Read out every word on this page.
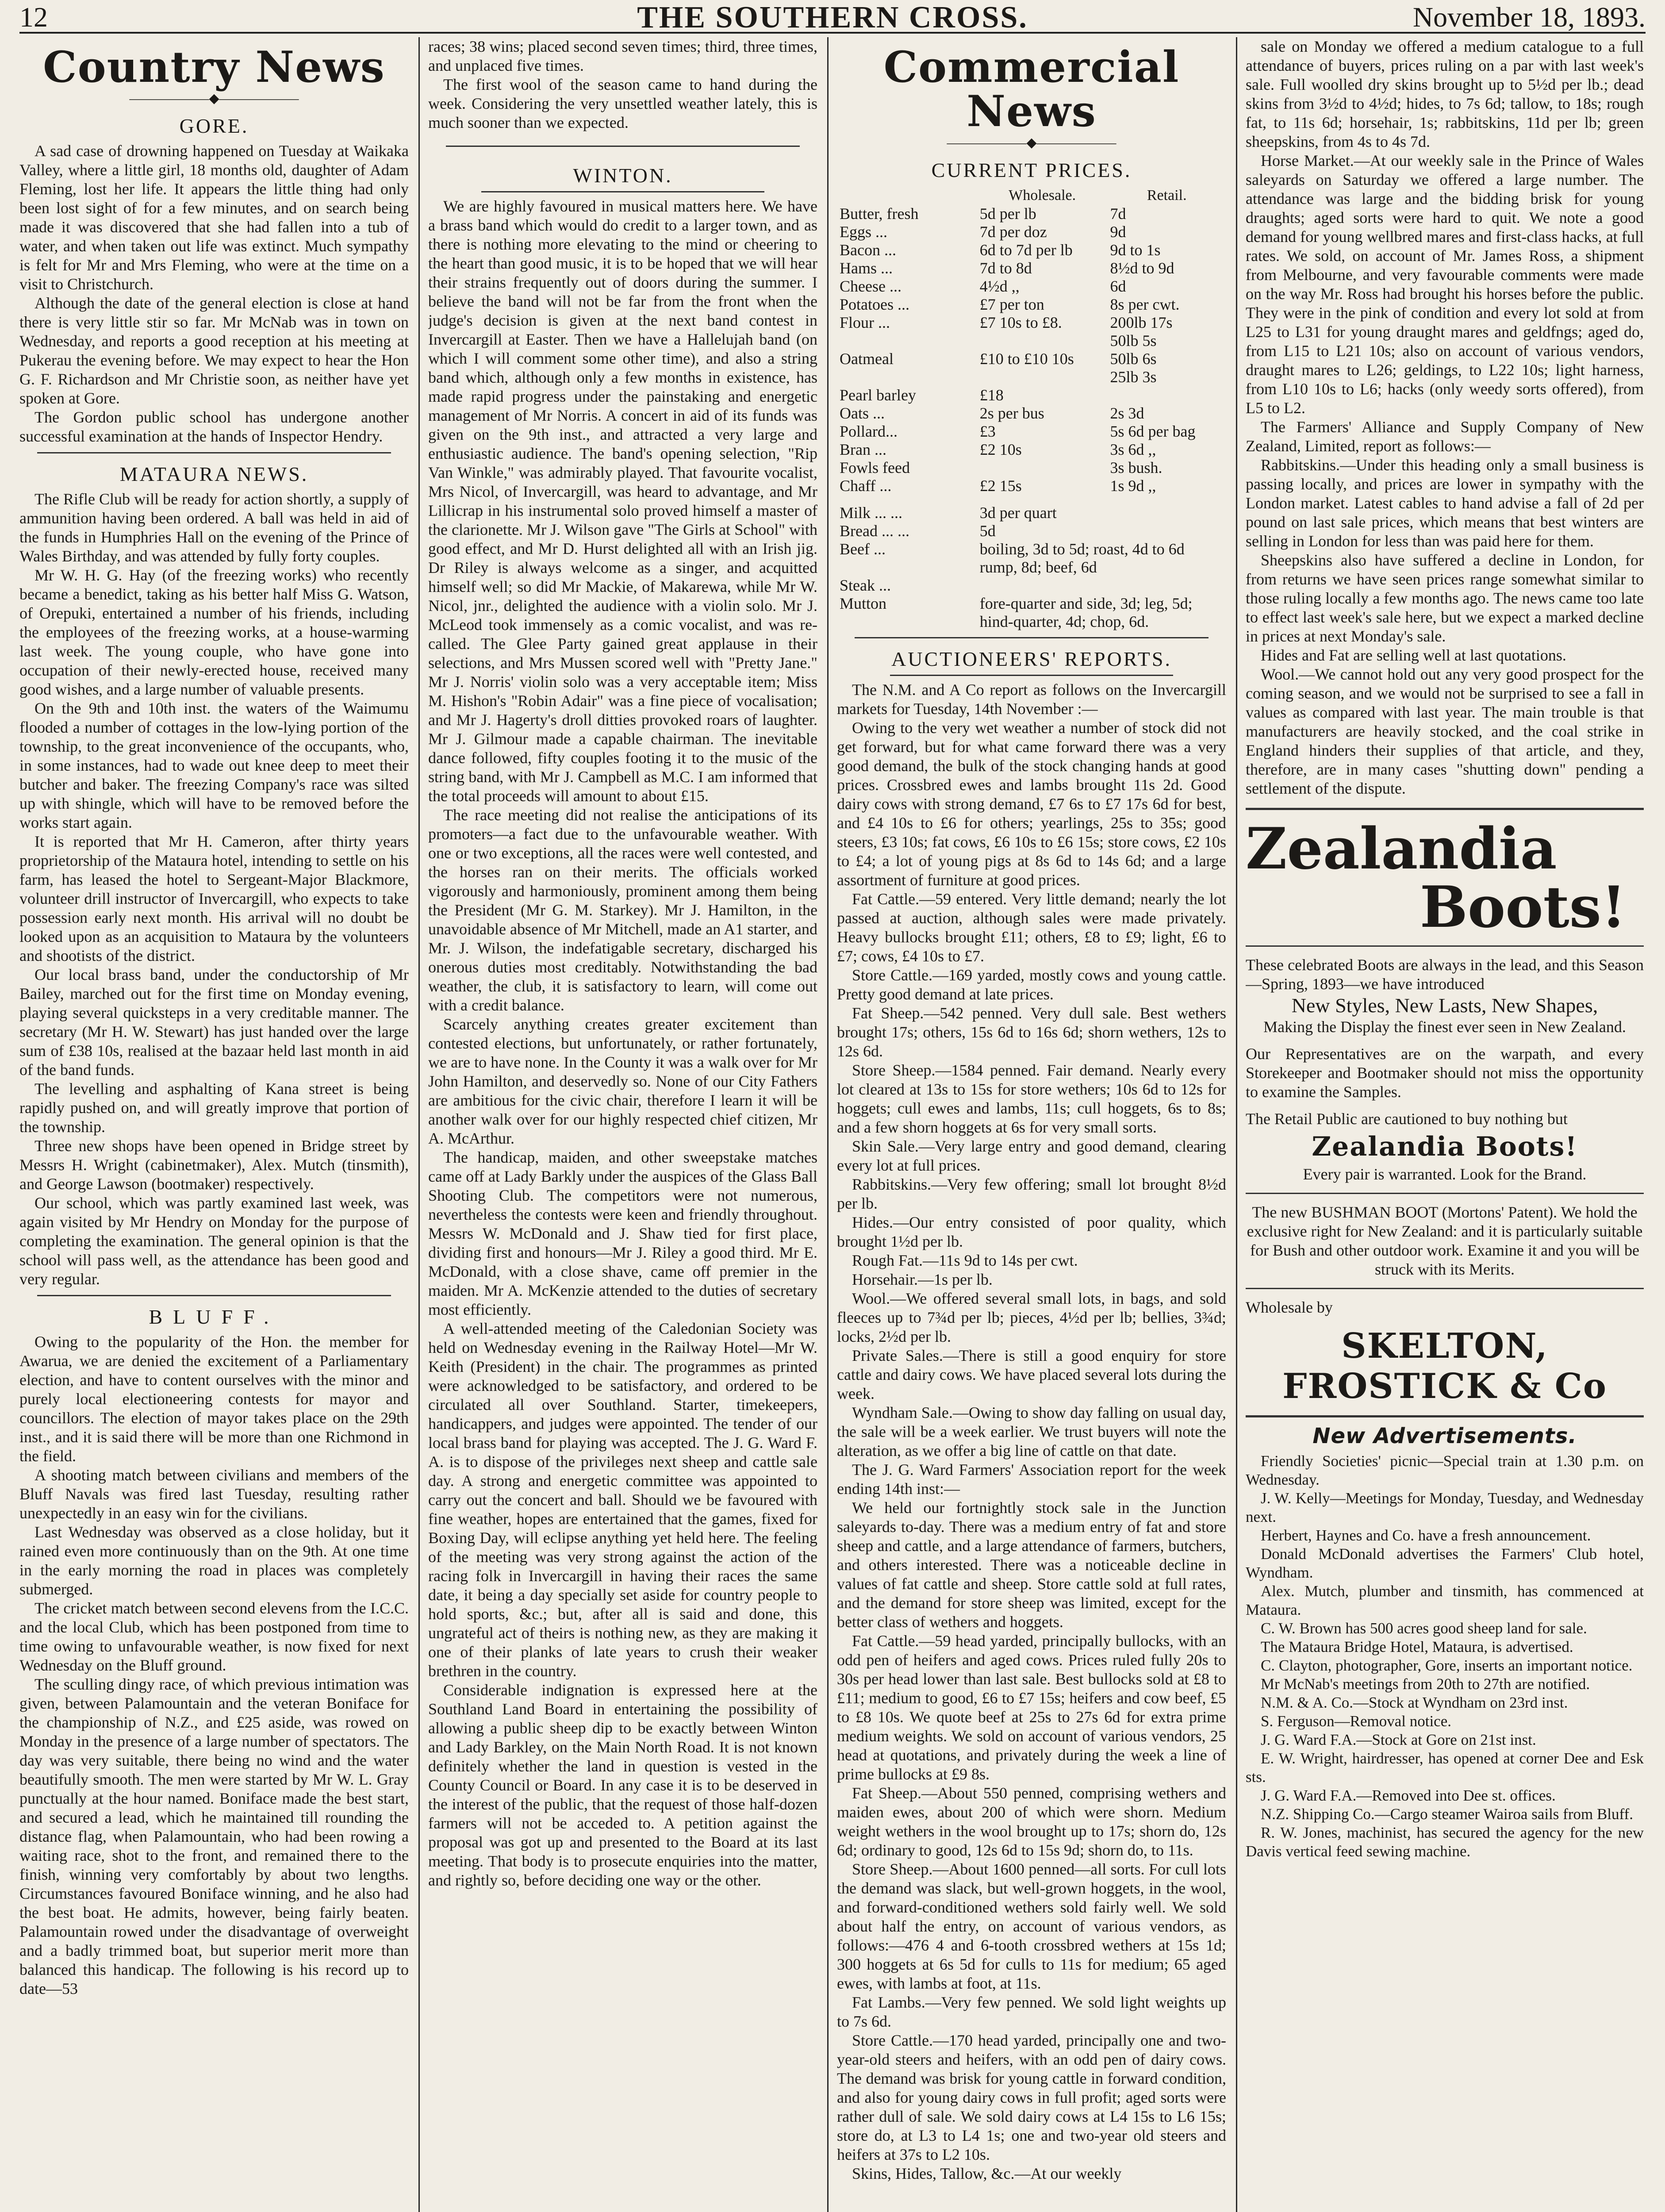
12	THE SOUTHERN CROSS.	November 18, 1893.
Country News
——————◆——————
GORE.

A sad case of drowning happened on Tuesday at Waikaka Valley, where a little girl, 18 months old, daughter of Adam Fleming, lost her life. It appears the little thing had only been lost sight of for a few minutes, and on search being made it was discovered that she had fallen into a tub of water, and when taken out life was extinct. Much sympathy is felt for Mr and Mrs Fleming, who were at the time on a visit to Christchurch.

Although the date of the general election is close at hand there is very little stir so far. Mr McNab was in town on Wednesday, and reports a good reception at his meeting at Pukerau the evening before. We may expect to hear the Hon G. F. Richardson and Mr Christie soon, as neither have yet spoken at Gore.

The Gordon public school has undergone another successful examination at the hands of Inspector Hendry.

MATAURA NEWS.

The Rifle Club will be ready for action shortly, a supply of ammunition having been ordered. A ball was held in aid of the funds in Humphries Hall on the evening of the Prince of Wales Birthday, and was attended by fully forty couples.

Mr W. H. G. Hay (of the freezing works) who recently became a benedict, taking as his better half Miss G. Watson, of Orepuki, entertained a number of his friends, including the employees of the freezing works, at a house-warming last week. The young couple, who have gone into occupation of their newly-erected house, received many good wishes, and a large number of valuable presents.

On the 9th and 10th inst. the waters of the Waimumu flooded a number of cottages in the low-lying portion of the township, to the great inconvenience of the occupants, who, in some instances, had to wade out knee deep to meet their butcher and baker. The freezing Company's race was silted up with shingle, which will have to be removed before the works start again.

It is reported that Mr H. Cameron, after thirty years proprietorship of the Mataura hotel, intending to settle on his farm, has leased the hotel to Sergeant-Major Blackmore, volunteer drill instructor of Invercargill, who expects to take possession early next month. His arrival will no doubt be looked upon as an acquisition to Mataura by the volunteers and shootists of the district.

Our local brass band, under the conductorship of Mr Bailey, marched out for the first time on Monday evening, playing several quicksteps in a very creditable manner. The secretary (Mr H. W. Stewart) has just handed over the large sum of £38 10s, realised at the bazaar held last month in aid of the band funds.

The levelling and asphalting of Kana street is being rapidly pushed on, and will greatly improve that portion of the township.

Three new shops have been opened in Bridge street by Messrs H. Wright (cabinetmaker), Alex. Mutch (tinsmith), and George Lawson (bootmaker) respectively.

Our school, which was partly examined last week, was again visited by Mr Hendry on Monday for the purpose of completing the examination. The general opinion is that the school will pass well, as the attendance has been good and very regular.

BLUFF.

Owing to the popularity of the Hon. the member for Awarua, we are denied the excitement of a Parliamentary election, and have to content ourselves with the minor and purely local electioneering contests for mayor and councillors. The election of mayor takes place on the 29th inst., and it is said there will be more than one Richmond in the field.

A shooting match between civilians and members of the Bluff Navals was fired last Tuesday, resulting rather unexpectedly in an easy win for the civilians.

Last Wednesday was observed as a close holiday, but it rained even more continuously than on the 9th. At one time in the early morning the road in places was completely submerged.

The cricket match between second elevens from the I.C.C. and the local Club, which has been postponed from time to time owing to unfavourable weather, is now fixed for next Wednesday on the Bluff ground.

The sculling dingy race, of which previous intimation was given, between Palamountain and the veteran Boniface for the championship of N.Z., and £25 aside, was rowed on Monday in the presence of a large number of spectators. The day was very suitable, there being no wind and the water beautifully smooth. The men were started by Mr W. L. Gray punctually at the hour named. Boniface made the best start, and secured a lead, which he maintained till rounding the distance flag, when Palamountain, who had been rowing a waiting race, shot to the front, and remained there to the finish, winning very comfortably by about two lengths. Circumstances favoured Boniface winning, and he also had the best boat. He admits, however, being fairly beaten. Palamountain rowed under the disadvantage of overweight and a badly trimmed boat, but superior merit more than balanced this handicap. The following is his record up to date—53

races; 38 wins; placed second seven times; third, three times, and unplaced five times.

The first wool of the season came to hand during the week. Considering the very unsettled weather lately, this is much sooner than we expected.

WINTON.

We are highly favoured in musical matters here. We have a brass band which would do credit to a larger town, and as there is nothing more elevating to the mind or cheering to the heart than good music, it is to be hoped that we will hear their strains frequently out of doors during the summer. I believe the band will not be far from the front when the judge's decision is given at the next band contest in Invercargill at Easter. Then we have a Hallelujah band (on which I will comment some other time), and also a string band which, although only a few months in existence, has made rapid progress under the painstaking and energetic management of Mr Norris. A concert in aid of its funds was given on the 9th inst., and attracted a very large and enthusiastic audience. The band's opening selection, "Rip Van Winkle," was admirably played. That favourite vocalist, Mrs Nicol, of Invercargill, was heard to advantage, and Mr Lillicrap in his instrumental solo proved himself a master of the clarionette. Mr J. Wilson gave "The Girls at School" with good effect, and Mr D. Hurst delighted all with an Irish jig. Dr Riley is always welcome as a singer, and acquitted himself well; so did Mr Mackie, of Makarewa, while Mr W. Nicol, jnr., delighted the audience with a violin solo. Mr J. McLeod took immensely as a comic vocalist, and was re-called. The Glee Party gained great applause in their selections, and Mrs Mussen scored well with "Pretty Jane." Mr J. Norris' violin solo was a very acceptable item; Miss M. Hishon's "Robin Adair" was a fine piece of vocalisation; and Mr J. Hagerty's droll ditties provoked roars of laughter. Mr J. Gilmour made a capable chairman. The inevitable dance followed, fifty couples footing it to the music of the string band, with Mr J. Campbell as M.C. I am informed that the total proceeds will amount to about £15.

The race meeting did not realise the anticipations of its promoters—a fact due to the unfavourable weather. With one or two exceptions, all the races were well contested, and the horses ran on their merits. The officials worked vigorously and harmoniously, prominent among them being the President (Mr G. M. Starkey). Mr J. Hamilton, in the unavoidable absence of Mr Mitchell, made an A1 starter, and Mr. J. Wilson, the indefatigable secretary, discharged his onerous duties most creditably. Notwithstanding the bad weather, the club, it is satisfactory to learn, will come out with a credit balance.

Scarcely anything creates greater excitement than contested elections, but unfortunately, or rather fortunately, we are to have none. In the County it was a walk over for Mr John Hamilton, and deservedly so. None of our City Fathers are ambitious for the civic chair, therefore I learn it will be another walk over for our highly respected chief citizen, Mr A. McArthur.

The handicap, maiden, and other sweepstake matches came off at Lady Barkly under the auspices of the Glass Ball Shooting Club. The competitors were not numerous, nevertheless the contests were keen and friendly throughout. Messrs W. McDonald and J. Shaw tied for first place, dividing first and honours—Mr J. Riley a good third. Mr E. McDonald, with a close shave, came off premier in the maiden. Mr A. McKenzie attended to the duties of secretary most efficiently.

A well-attended meeting of the Caledonian Society was held on Wednesday evening in the Railway Hotel—Mr W. Keith (President) in the chair. The programmes as printed were acknowledged to be satisfactory, and ordered to be circulated all over Southland. Starter, timekeepers, handicappers, and judges were appointed. The tender of our local brass band for playing was accepted. The J. G. Ward F. A. is to dispose of the privileges next sheep and cattle sale day. A strong and energetic committee was appointed to carry out the concert and ball. Should we be favoured with fine weather, hopes are entertained that the games, fixed for Boxing Day, will eclipse anything yet held here. The feeling of the meeting was very strong against the action of the racing folk in Invercargill in having their races the same date, it being a day specially set aside for country people to hold sports, &c.; but, after all is said and done, this ungrateful act of theirs is nothing new, as they are making it one of their planks of late years to crush their weaker brethren in the country.

Considerable indignation is expressed here at the Southland Land Board in entertaining the possibility of allowing a public sheep dip to be exactly between Winton and Lady Barkley, on the Main North Road. It is not known definitely whether the land in question is vested in the County Council or Board. In any case it is to be deserved in the interest of the public, that the request of those half-dozen farmers will not be acceded to. A petition against the proposal was got up and presented to the Board at its last meeting. That body is to prosecute enquiries into the matter, and rightly so, before deciding one way or the other.

Commercial News
——————◆——————
CURRENT PRICES.
	Wholesale.	Retail.
Butter, fresh	5d per lb	7d
Eggs ...	7d per doz	9d
Bacon ...	6d to 7d per lb	9d to 1s
Hams ...	7d to 8d	8½d to 9d
Cheese ...	4½d ,,	6d
Potatoes ...	£7 per ton	8s per cwt.
Flour ...	£7 10s to £8.	200lb 17s
		50lb 5s
Oatmeal	£10 to £10 10s	50lb 6s
		25lb 3s
Pearl barley	£18	
Oats ...	2s per bus	2s 3d
Pollard...	£3	5s 6d per bag
Bran ...	£2 10s	3s 6d ,,
Fowls feed		3s bush.
Chaff ...	£2 15s	1s 9d ,,
Milk ... ...	3d per quart
Bread ... ...	5d
Beef ...	boiling, 3d to 5d; roast, 4d to 6d
	rump, 8d; beef, 6d
Steak ...	
Mutton	fore-quarter and side, 3d; leg, 5d;
	hind-quarter, 4d; chop, 6d.
AUCTIONEERS' REPORTS.

The N.M. and A Co report as follows on the Invercargill markets for Tuesday, 14th November :—

Owing to the very wet weather a number of stock did not get forward, but for what came forward there was a very good demand, the bulk of the stock changing hands at good prices. Crossbred ewes and lambs brought 11s 2d. Good dairy cows with strong demand, £7 6s to £7 17s 6d for best, and £4 10s to £6 for others; yearlings, 25s to 35s; good steers, £3 10s; fat cows, £6 10s to £6 15s; store cows, £2 10s to £4; a lot of young pigs at 8s 6d to 14s 6d; and a large assortment of furniture at good prices.

Fat Cattle.—59 entered. Very little demand; nearly the lot passed at auction, although sales were made privately. Heavy bullocks brought £11; others, £8 to £9; light, £6 to £7; cows, £4 10s to £7.

Store Cattle.—169 yarded, mostly cows and young cattle. Pretty good demand at late prices.

Fat Sheep.—542 penned. Very dull sale. Best wethers brought 17s; others, 15s 6d to 16s 6d; shorn wethers, 12s to 12s 6d.

Store Sheep.—1584 penned. Fair demand. Nearly every lot cleared at 13s to 15s for store wethers; 10s 6d to 12s for hoggets; cull ewes and lambs, 11s; cull hoggets, 6s to 8s; and a few shorn hoggets at 6s for very small sorts.

Skin Sale.—Very large entry and good demand, clearing every lot at full prices.

Rabbitskins.—Very few offering; small lot brought 8½d per lb.

Hides.—Our entry consisted of poor quality, which brought 1½d per lb.

Rough Fat.—11s 9d to 14s per cwt.

Horsehair.—1s per lb.

Wool.—We offered several small lots, in bags, and sold fleeces up to 7¾d per lb; pieces, 4½d per lb; bellies, 3¾d; locks, 2½d per lb.

Private Sales.—There is still a good enquiry for store cattle and dairy cows. We have placed several lots during the week.

Wyndham Sale.—Owing to show day falling on usual day, the sale will be a week earlier. We trust buyers will note the alteration, as we offer a big line of cattle on that date.

The J. G. Ward Farmers' Association report for the week ending 14th inst:—

We held our fortnightly stock sale in the Junction saleyards to-day. There was a medium entry of fat and store sheep and cattle, and a large attendance of farmers, butchers, and others interested. There was a noticeable decline in values of fat cattle and sheep. Store cattle sold at full rates, and the demand for store sheep was limited, except for the better class of wethers and hoggets.

Fat Cattle.—59 head yarded, principally bullocks, with an odd pen of heifers and aged cows. Prices ruled fully 20s to 30s per head lower than last sale. Best bullocks sold at £8 to £11; medium to good, £6 to £7 15s; heifers and cow beef, £5 to £8 10s. We quote beef at 25s to 27s 6d for extra prime medium weights. We sold on account of various vendors, 25 head at quotations, and privately during the week a line of prime bullocks at £9 8s.

Fat Sheep.—About 550 penned, comprising wethers and maiden ewes, about 200 of which were shorn. Medium weight wethers in the wool brought up to 17s; shorn do, 12s 6d; ordinary to good, 12s 6d to 15s 9d; shorn do, to 11s.

Store Sheep.—About 1600 penned—all sorts. For cull lots the demand was slack, but well-grown hoggets, in the wool, and forward-conditioned wethers sold fairly well. We sold about half the entry, on account of various vendors, as follows:—476 4 and 6-tooth crossbred wethers at 15s 1d; 300 hoggets at 6s 5d for culls to 11s for medium; 65 aged ewes, with lambs at foot, at 11s.

Fat Lambs.—Very few penned. We sold light weights up to 7s 6d.

Store Cattle.—170 head yarded, principally one and two-year-old steers and heifers, with an odd pen of dairy cows. The demand was brisk for young cattle in forward condition, and also for young dairy cows in full profit; aged sorts were rather dull of sale. We sold dairy cows at L4 15s to L6 15s; store do, at L3 to L4 1s; one and two-year old steers and heifers at 37s to L2 10s.

Skins, Hides, Tallow, &c.—At our weekly

sale on Monday we offered a medium catalogue to a full attendance of buyers, prices ruling on a par with last week's sale. Full woolled dry skins brought up to 5½d per lb.; dead skins from 3½d to 4½d; hides, to 7s 6d; tallow, to 18s; rough fat, to 11s 6d; horsehair, 1s; rabbitskins, 11d per lb; green sheepskins, from 4s to 4s 7d.

Horse Market.—At our weekly sale in the Prince of Wales saleyards on Saturday we offered a large number. The attendance was large and the bidding brisk for young draughts; aged sorts were hard to quit. We note a good demand for young wellbred mares and first-class hacks, at full rates. We sold, on account of Mr. James Ross, a shipment from Melbourne, and very favourable comments were made on the way Mr. Ross had brought his horses before the public. They were in the pink of condition and every lot sold at from L25 to L31 for young draught mares and geldfngs; aged do, from L15 to L21 10s; also on account of various vendors, draught mares to L26; geldings, to L22 10s; light harness, from L10 10s to L6; hacks (only weedy sorts offered), from L5 to L2.

The Farmers' Alliance and Supply Company of New Zealand, Limited, report as follows:—

Rabbitskins.—Under this heading only a small business is passing locally, and prices are lower in sympathy with the London market. Latest cables to hand advise a fall of 2d per pound on last sale prices, which means that best winters are selling in London for less than was paid here for them.

Sheepskins also have suffered a decline in London, for from returns we have seen prices range somewhat similar to those ruling locally a few months ago. The news came too late to effect last week's sale here, but we expect a marked decline in prices at next Monday's sale.

Hides and Fat are selling well at last quotations.

Wool.—We cannot hold out any very good prospect for the coming season, and we would not be surprised to see a fall in values as compared with last year. The main trouble is that manufacturers are heavily stocked, and the coal strike in England hinders their supplies of that article, and they, therefore, are in many cases "shutting down" pending a settlement of the dispute.

Zealandia
Boots!

These celebrated Boots are always in the lead, and this Season—Spring, 1893—we have introduced

New Styles, New Lasts, New Shapes,

Making the Display the finest ever seen in New Zealand.

Our Representatives are on the warpath, and every Storekeeper and Bootmaker should not miss the opportunity to examine the Samples.

The Retail Public are cautioned to buy nothing but

Zealandia Boots!

Every pair is warranted. Look for the Brand.

The new BUSHMAN BOOT (Mortons' Patent). We hold the exclusive right for New Zealand: and it is particularly suitable for Bush and other outdoor work. Examine it and you will be struck with its Merits.

Wholesale by

SKELTON, FROSTICK & Co
New Advertisements.

Friendly Societies' picnic—Special train at 1.30 p.m. on Wednesday.

J. W. Kelly—Meetings for Monday, Tuesday, and Wednesday next.

Herbert, Haynes and Co. have a fresh announcement.

Donald McDonald advertises the Farmers' Club hotel, Wyndham.

Alex. Mutch, plumber and tinsmith, has commenced at Mataura.

C. W. Brown has 500 acres good sheep land for sale.

The Mataura Bridge Hotel, Mataura, is advertised.

C. Clayton, photographer, Gore, inserts an important notice.

Mr McNab's meetings from 20th to 27th are notified.

N.M. & A. Co.—Stock at Wyndham on 23rd inst.

S. Ferguson—Removal notice.

J. G. Ward F.A.—Stock at Gore on 21st inst.

E. W. Wright, hairdresser, has opened at corner Dee and Esk sts.

J. G. Ward F.A.—Removed into Dee st. offices.

N.Z. Shipping Co.—Cargo steamer Wairoa sails from Bluff.

R. W. Jones, machinist, has secured the agency for the new Davis vertical feed sewing machine.
